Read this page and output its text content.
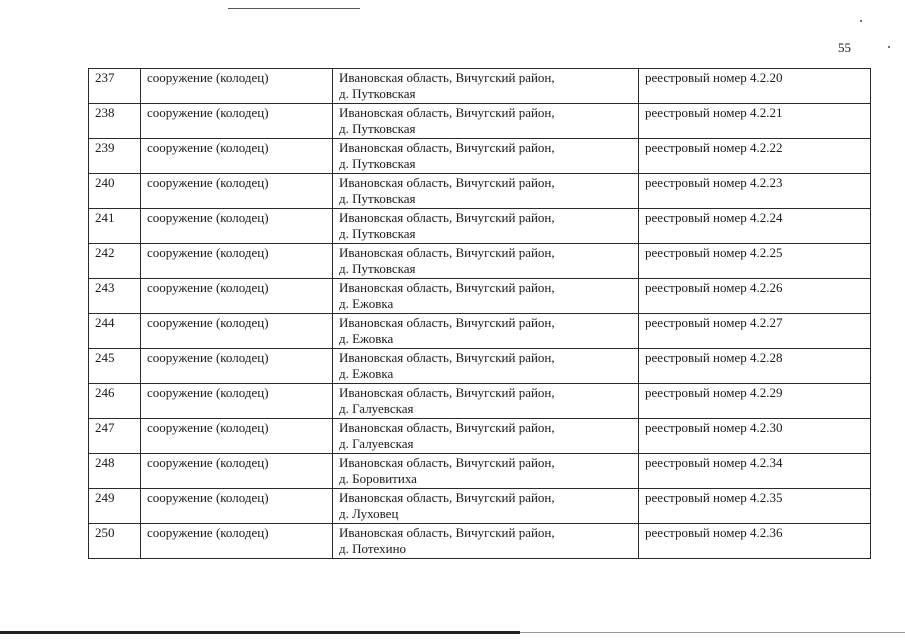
55
237	сооружение (колодец)	Ивановская область, Вичугский район,
д. Путковская	реестровый номер 4.2.20
238	сооружение (колодец)	Ивановская область, Вичугский район,
д. Путковская	реестровый номер 4.2.21
239	сооружение (колодец)	Ивановская область, Вичугский район,
д. Путковская	реестровый номер 4.2.22
240	сооружение (колодец)	Ивановская область, Вичугский район,
д. Путковская	реестровый номер 4.2.23
241	сооружение (колодец)	Ивановская область, Вичугский район,
д. Путковская	реестровый номер 4.2.24
242	сооружение (колодец)	Ивановская область, Вичугский район,
д. Путковская	реестровый номер 4.2.25
243	сооружение (колодец)	Ивановская область, Вичугский район,
д. Ежовка	реестровый номер 4.2.26
244	сооружение (колодец)	Ивановская область, Вичугский район,
д. Ежовка	реестровый номер 4.2.27
245	сооружение (колодец)	Ивановская область, Вичугский район,
д. Ежовка	реестровый номер 4.2.28
246	сооружение (колодец)	Ивановская область, Вичугский район,
д. Галуевская	реестровый номер 4.2.29
247	сооружение (колодец)	Ивановская область, Вичугский район,
д. Галуевская	реестровый номер 4.2.30
248	сооружение (колодец)	Ивановская область, Вичугский район,
д. Боровитиха	реестровый номер 4.2.34
249	сооружение (колодец)	Ивановская область, Вичугский район,
д. Луховец	реестровый номер 4.2.35
250	сооружение (колодец)	Ивановская область, Вичугский район,
д. Потехино	реестровый номер 4.2.36
